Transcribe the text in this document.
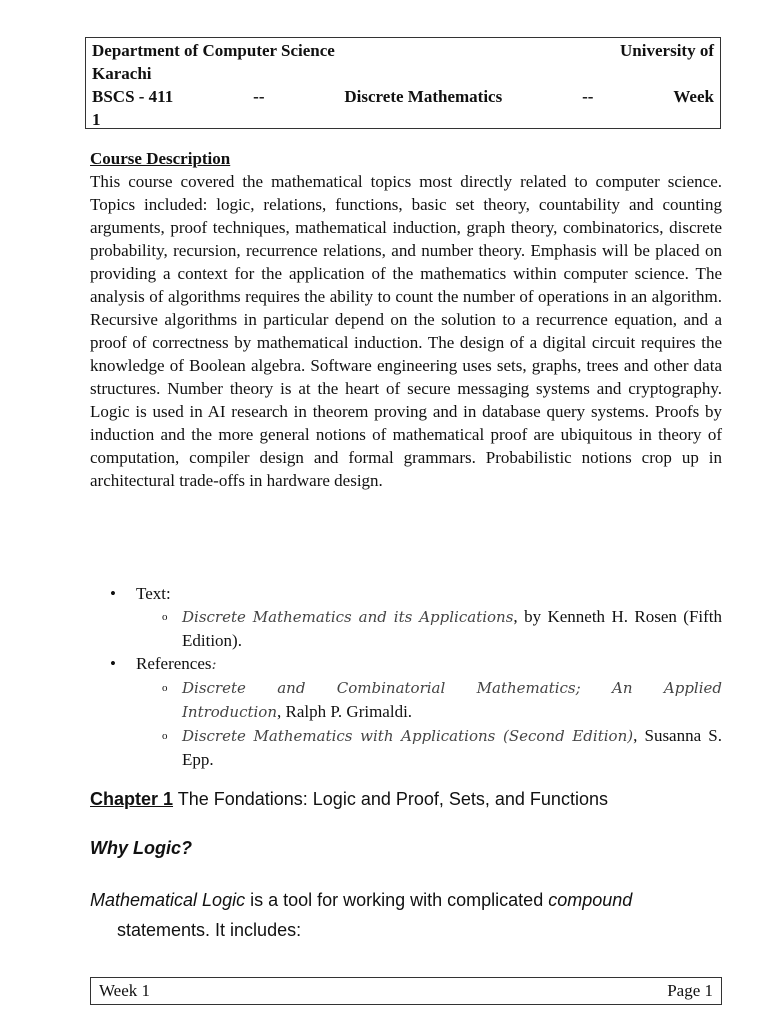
Department of Computer Science	University of
Karachi
BSCS - 411	--	Discrete Mathematics	--	Week
1
Course Description

This course covered the mathematical topics most directly related to computer science. Topics included: logic, relations, functions, basic set theory, countability and counting arguments, proof techniques, mathematical induction, graph theory, combinatorics, discrete probability, recursion, recurrence relations, and number theory. Emphasis will be placed on providing a context for the application of the mathematics within computer science. The analysis of algorithms requires the ability to count the number of operations in an algorithm. Recursive algorithms in particular depend on the solution to a recurrence equation, and a proof of correctness by mathematical induction. The design of a digital circuit requires the knowledge of Boolean algebra. Software engineering uses sets, graphs, trees and other data structures. Number theory is at the heart of secure messaging systems and cryptography. Logic is used in AI research in theorem proving and in database query systems. Proofs by induction and the more general notions of mathematical proof are ubiquitous in theory of computation, compiler design and formal grammars. Probabilistic notions crop up in architectural trade-offs in hardware design.

• Text:
o Discrete Mathematics and its Applications, by Kenneth H. Rosen (Fifth Edition).
• References:
o Discrete and Combinatorial Mathematics; An Applied Introduction, Ralph P. Grimaldi.
o Discrete Mathematics with Applications (Second Edition), Susanna S. Epp.
Chapter 1 The Fondations: Logic and Proof, Sets, and Functions
Why Logic?
Mathematical Logic is a tool for working with complicated compound
statements. It includes:
Week 1	Page 1
